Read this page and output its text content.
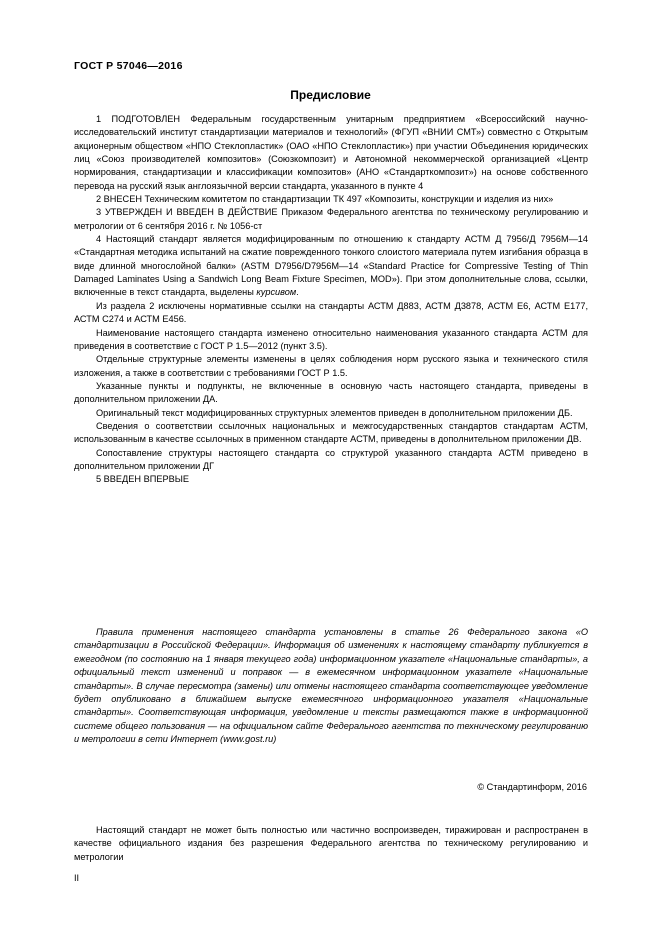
ГОСТ Р 57046—2016
Предисловие

1 ПОДГОТОВЛЕН Федеральным государственным унитарным предприятием «Всероссийский научно-исследовательский институт стандартизации материалов и технологий» (ФГУП «ВНИИ СМТ») совместно с Открытым акционерным обществом «НПО Стеклопластик» (ОАО «НПО Стеклопластик») при участии Объединения юридических лиц «Союз производителей композитов» (Союзкомпозит) и Автономной некоммерческой организацией «Центр нормирования, стандартизации и классификации композитов» (АНО «Стандарткомпозит») на основе собственного перевода на русский язык англоязычной версии стандарта, указанного в пункте 4

2 ВНЕСЕН Техническим комитетом по стандартизации ТК 497 «Композиты, конструкции и изделия из них»

3 УТВЕРЖДЕН И ВВЕДЕН В ДЕЙСТВИЕ Приказом Федерального агентства по техническому регулированию и метрологии от 6 сентября 2016 г. № 1056-ст

4 Настоящий стандарт является модифицированным по отношению к стандарту АСТМ Д 7956/Д 7956М—14 «Стандартная методика испытаний на сжатие поврежденного тонкого слоистого материала путем изгибания образца в виде длинной многослойной балки» (ASTM D7956/D7956M—14 «Standard Practice for Compressive Testing of Thin Damaged Laminates Using a Sandwich Long Beam Fixture Specimen, MOD»). При этом дополнительные слова, ссылки, включенные в текст стандарта, выделены курсивом.

Из раздела 2 исключены нормативные ссылки на стандарты АСТМ Д883, АСТМ Д3878, АСТМ Е6, АСТМ Е177, АСТМ С274 и АСТМ Е456.

Наименование настоящего стандарта изменено относительно наименования указанного стандарта АСТМ для приведения в соответствие с ГОСТ Р 1.5—2012 (пункт 3.5).

Отдельные структурные элементы изменены в целях соблюдения норм русского языка и технического стиля изложения, а также в соответствии с требованиями ГОСТ Р 1.5.

Указанные пункты и подпункты, не включенные в основную часть настоящего стандарта, приведены в дополнительном приложении ДА.

Оригинальный текст модифицированных структурных элементов приведен в дополнительном приложении ДБ.

Сведения о соответствии ссылочных национальных и межгосударственных стандартов стандартам АСТМ, использованным в качестве ссылочных в применном стандарте АСТМ, приведены в дополнительном приложении ДВ.

Сопоставление структуры настоящего стандарта со структурой указанного стандарта АСТМ приведено в дополнительном приложении ДГ

5 ВВЕДЕН ВПЕРВЫЕ

Правила применения настоящего стандарта установлены в статье 26 Федерального закона «О стандартизации в Российской Федерации». Информация об изменениях к настоящему стандарту публикуется в ежегодном (по состоянию на 1 января текущего года) информационном указателе «Национальные стандарты», а официальный текст изменений и поправок — в ежемесячном информационном указателе «Национальные стандарты». В случае пересмотра (замены) или отмены настоящего стандарта соответствующее уведомление будет опубликовано в ближайшем выпуске ежемесячного информационного указателя «Национальные стандарты». Соответствующая информация, уведомление и тексты размещаются также в информационной системе общего пользования — на официальном сайте Федерального агентства по техническому регулированию и метрологии в сети Интернет (www.gost.ru)

© Стандартинформ, 2016

Настоящий стандарт не может быть полностью или частично воспроизведен, тиражирован и распространен в качестве официального издания без разрешения Федерального агентства по техническому регулированию и метрологии

II
